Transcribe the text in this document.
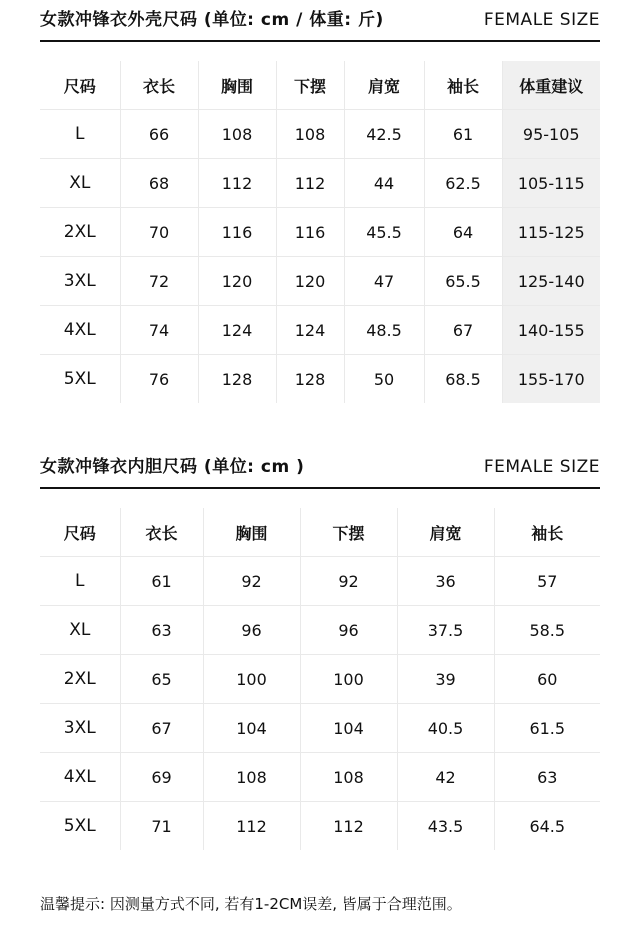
女款冲锋衣外壳尺码 (单位: cm / 体重: 斤)	FEMALE SIZE
尺码	衣长	胸围	下摆	肩宽	袖长	体重建议
L	66	108	108	42.5	61	95-105
XL	68	112	112	44	62.5	105-115
2XL	70	116	116	45.5	64	115-125
3XL	72	120	120	47	65.5	125-140
4XL	74	124	124	48.5	67	140-155
5XL	76	128	128	50	68.5	155-170
女款冲锋衣内胆尺码 (单位: cm )	FEMALE SIZE
尺码	衣长	胸围	下摆	肩宽	袖长
L	61	92	92	36	57
XL	63	96	96	37.5	58.5
2XL	65	100	100	39	60
3XL	67	104	104	40.5	61.5
4XL	69	108	108	42	63
5XL	71	112	112	43.5	64.5
温馨提示: 因测量方式不同, 若有1-2CM误差, 皆属于合理范围。
